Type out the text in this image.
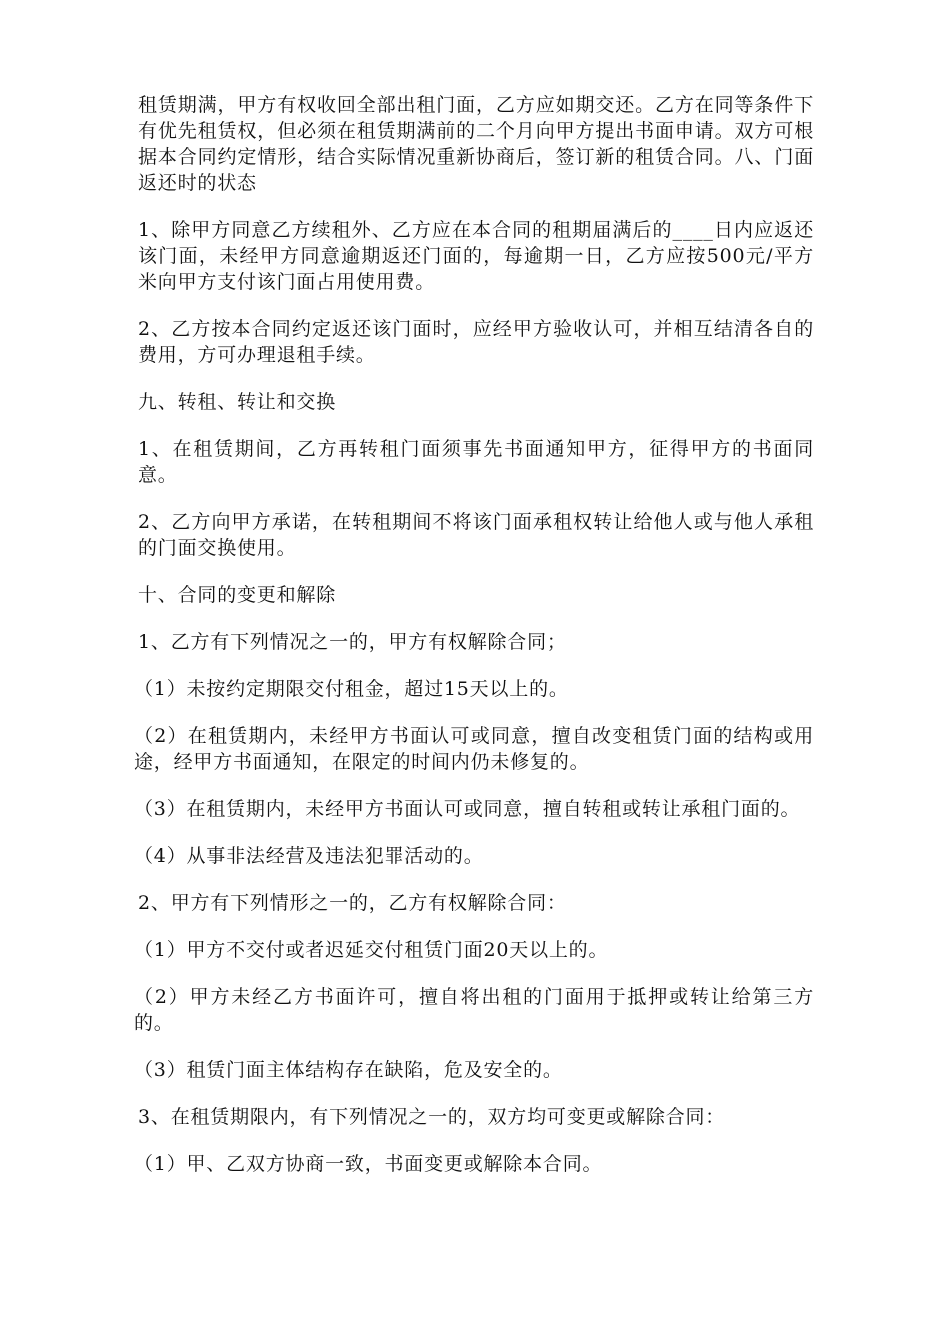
租赁期满，甲方有权收回全部出租门面，乙方应如期交还。乙方在同等条件下有优先租赁权，但必须在租赁期满前的二个月向甲方提出书面申请。双方可根据本合同约定情形，结合实际情况重新协商后，签订新的租赁合同。八、门面返还时的状态

1、除甲方同意乙方续租外、乙方应在本合同的租期届满后的____日内应返还该门面，未经甲方同意逾期返还门面的，每逾期一日，乙方应按500元/平方米向甲方支付该门面占用使用费。

2、乙方按本合同约定返还该门面时，应经甲方验收认可，并相互结清各自的费用，方可办理退租手续。

九、转租、转让和交换

1、在租赁期间，乙方再转租门面须事先书面通知甲方，征得甲方的书面同意。

2、乙方向甲方承诺，在转租期间不将该门面承租权转让给他人或与他人承租的门面交换使用。

十、合同的变更和解除

1、乙方有下列情况之一的，甲方有权解除合同；

（1）未按约定期限交付租金，超过15天以上的。

（2）在租赁期内，未经甲方书面认可或同意，擅自改变租赁门面的结构或用途，经甲方书面通知，在限定的时间内仍未修复的。

（3）在租赁期内，未经甲方书面认可或同意，擅自转租或转让承租门面的。

（4）从事非法经营及违法犯罪活动的。

2、甲方有下列情形之一的，乙方有权解除合同：

（1）甲方不交付或者迟延交付租赁门面20天以上的。

（2）甲方未经乙方书面许可，擅自将出租的门面用于抵押或转让给第三方的。

（3）租赁门面主体结构存在缺陷，危及安全的。

3、在租赁期限内，有下列情况之一的，双方均可变更或解除合同：

（1）甲、乙双方协商一致，书面变更或解除本合同。
